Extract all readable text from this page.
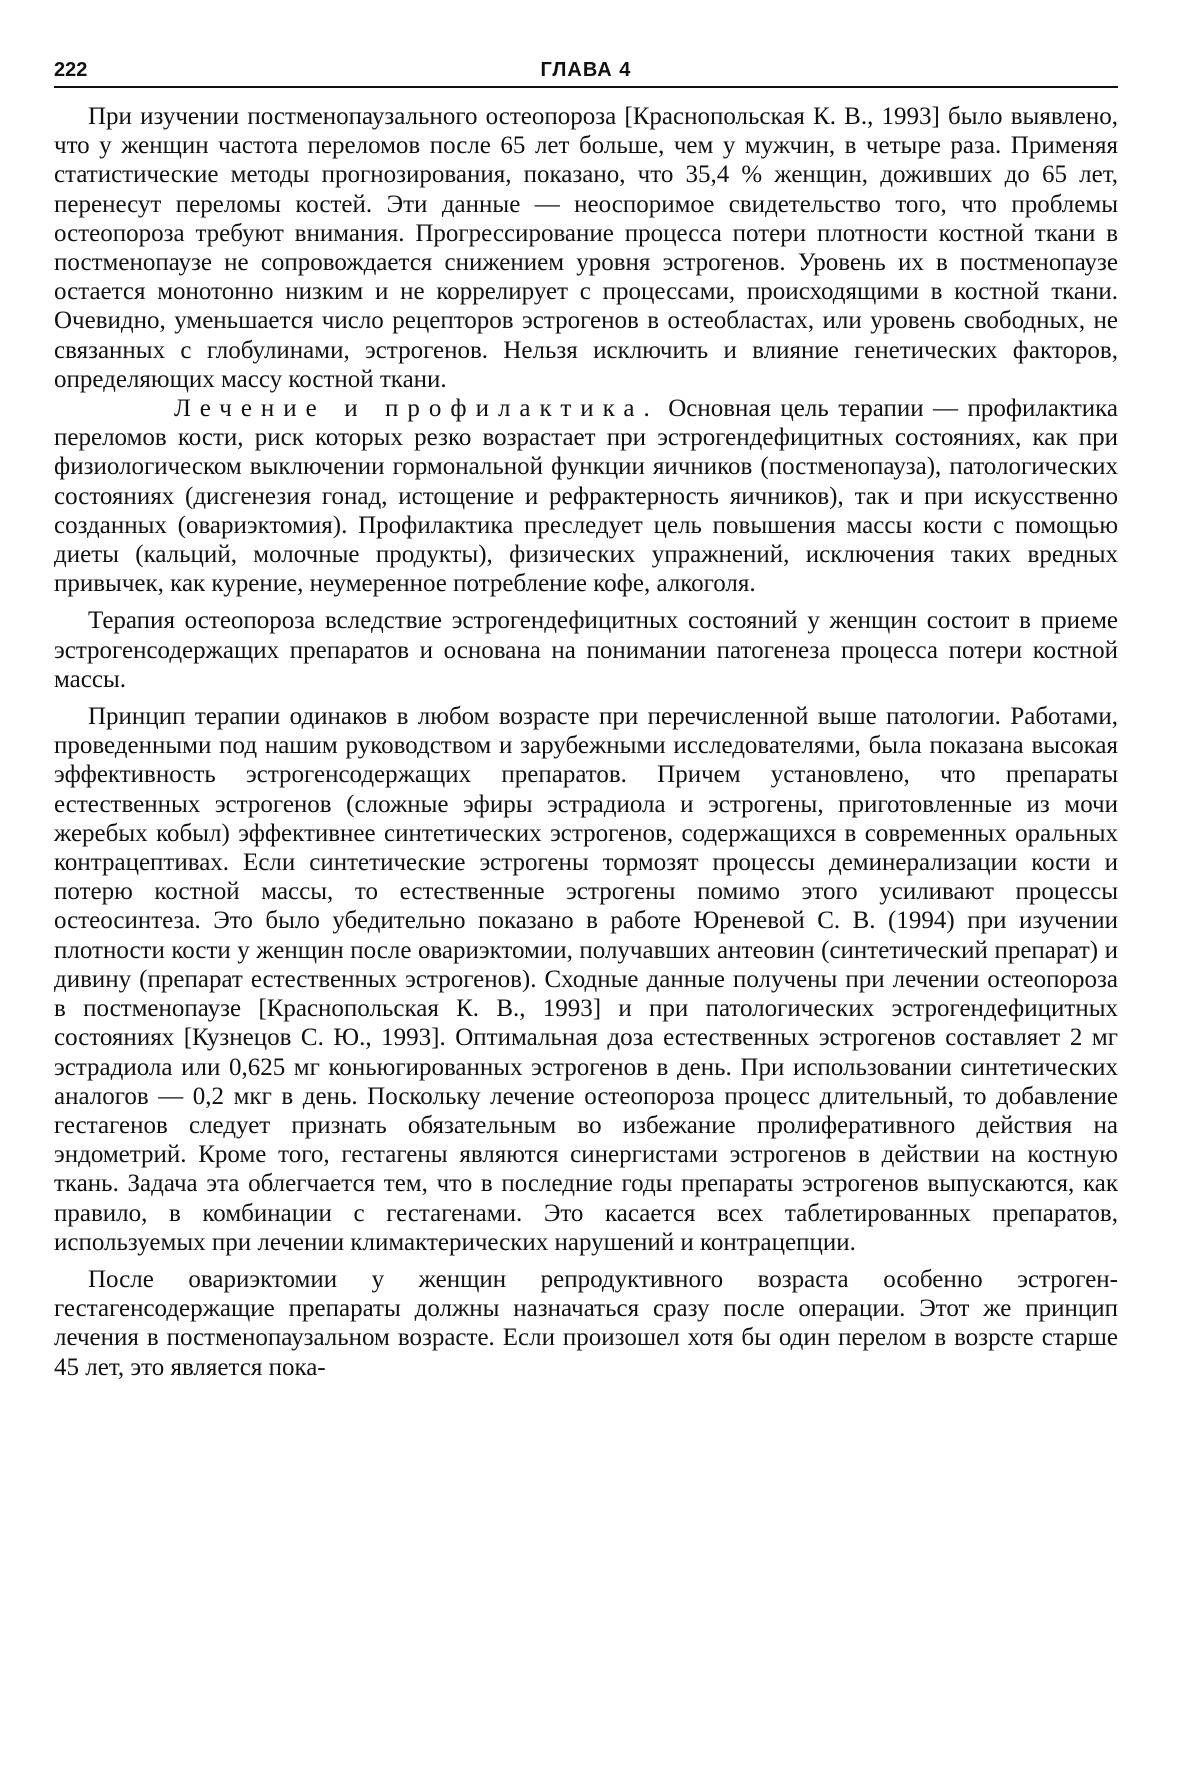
222	ГЛАВА 4

При изучении постменопаузального остеопороза [Краснопольская К. В., 1993] было выявлено, что у женщин частота переломов после 65 лет больше, чем у мужчин, в четыре раза. Применяя статистические методы прогнозирования, показано, что 35,4 % женщин, доживших до 65 лет, перенесут переломы костей. Эти данные — неоспоримое свидетельство того, что проблемы остеопороза требуют внимания. Прогрессирование процесса потери плотности костной ткани в постменопаузе не сопровождается снижением уровня эстрогенов. Уровень их в постменопаузе остается монотонно низким и не коррелирует с процессами, происходящими в костной ткани. Очевидно, уменьшается число рецепторов эстрогенов в остеобластах, или уровень свободных, не связанных с глобулинами, эстрогенов. Нельзя исключить и влияние генетических факторов, определяющих массу костной ткани.

Лечение и профилактика. Основная цель терапии — профилактика переломов кости, риск которых резко возрастает при эстрогендефицитных состояниях, как при физиологическом выключении гормональной функции яичников (постменопауза), патологических состояниях (дисгенезия гонад, истощение и рефрактерность яичников), так и при искусственно созданных (овариэктомия). Профилактика преследует цель повышения массы кости с помощью диеты (кальций, молочные продукты), физических упражнений, исключения таких вредных привычек, как курение, неумеренное потребление кофе, алкоголя.

Терапия остеопороза вследствие эстрогендефицитных состояний у женщин состоит в приеме эстрогенсодержащих препаратов и основана на понимании патогенеза процесса потери костной массы.

Принцип терапии одинаков в любом возрасте при перечисленной выше патологии. Работами, проведенными под нашим руководством и зарубежными исследователями, была показана высокая эффективность эстрогенсодержащих препаратов. Причем установлено, что препараты естественных эстрогенов (сложные эфиры эстрадиола и эстрогены, приготовленные из мочи жеребых кобыл) эффективнее синтетических эстрогенов, содержащихся в современных оральных контрацептивах. Если синтетические эстрогены тормозят процессы деминерализации кости и потерю костной массы, то естественные эстрогены помимо этого усиливают процессы остеосинтеза. Это было убедительно показано в работе Юреневой С. В. (1994) при изучении плотности кости у женщин после овариэктомии, получавших антеовин (синтетический препарат) и дивину (препарат естественных эстрогенов). Сходные данные получены при лечении остеопороза в постменопаузе [Краснопольская К. В., 1993] и при патологических эстрогендефицитных состояниях [Кузнецов С. Ю., 1993]. Оптимальная доза естественных эстрогенов составляет 2 мг эстрадиола или 0,625 мг коньюгированных эстрогенов в день. При использовании синтетических аналогов — 0,2 мкг в день. Поскольку лечение остеопороза процесс длительный, то добавление гестагенов следует признать обязательным во избежание пролиферативного действия на эндометрий. Кроме того, гестагены являются синергистами эстрогенов в действии на костную ткань. Задача эта облегчается тем, что в последние годы препараты эстрогенов выпускаются, как правило, в комбинации с гестагенами. Это касается всех таблетированных препаратов, используемых при лечении климактерических нарушений и контрацепции.

После овариэктомии у женщин репродуктивного возраста особенно эстроген-гестагенсодержащие препараты должны назначаться сразу после операции. Этот же принцип лечения в постменопаузальном возрасте. Если произошел хотя бы один перелом в возрсте старше 45 лет, это является пока-
